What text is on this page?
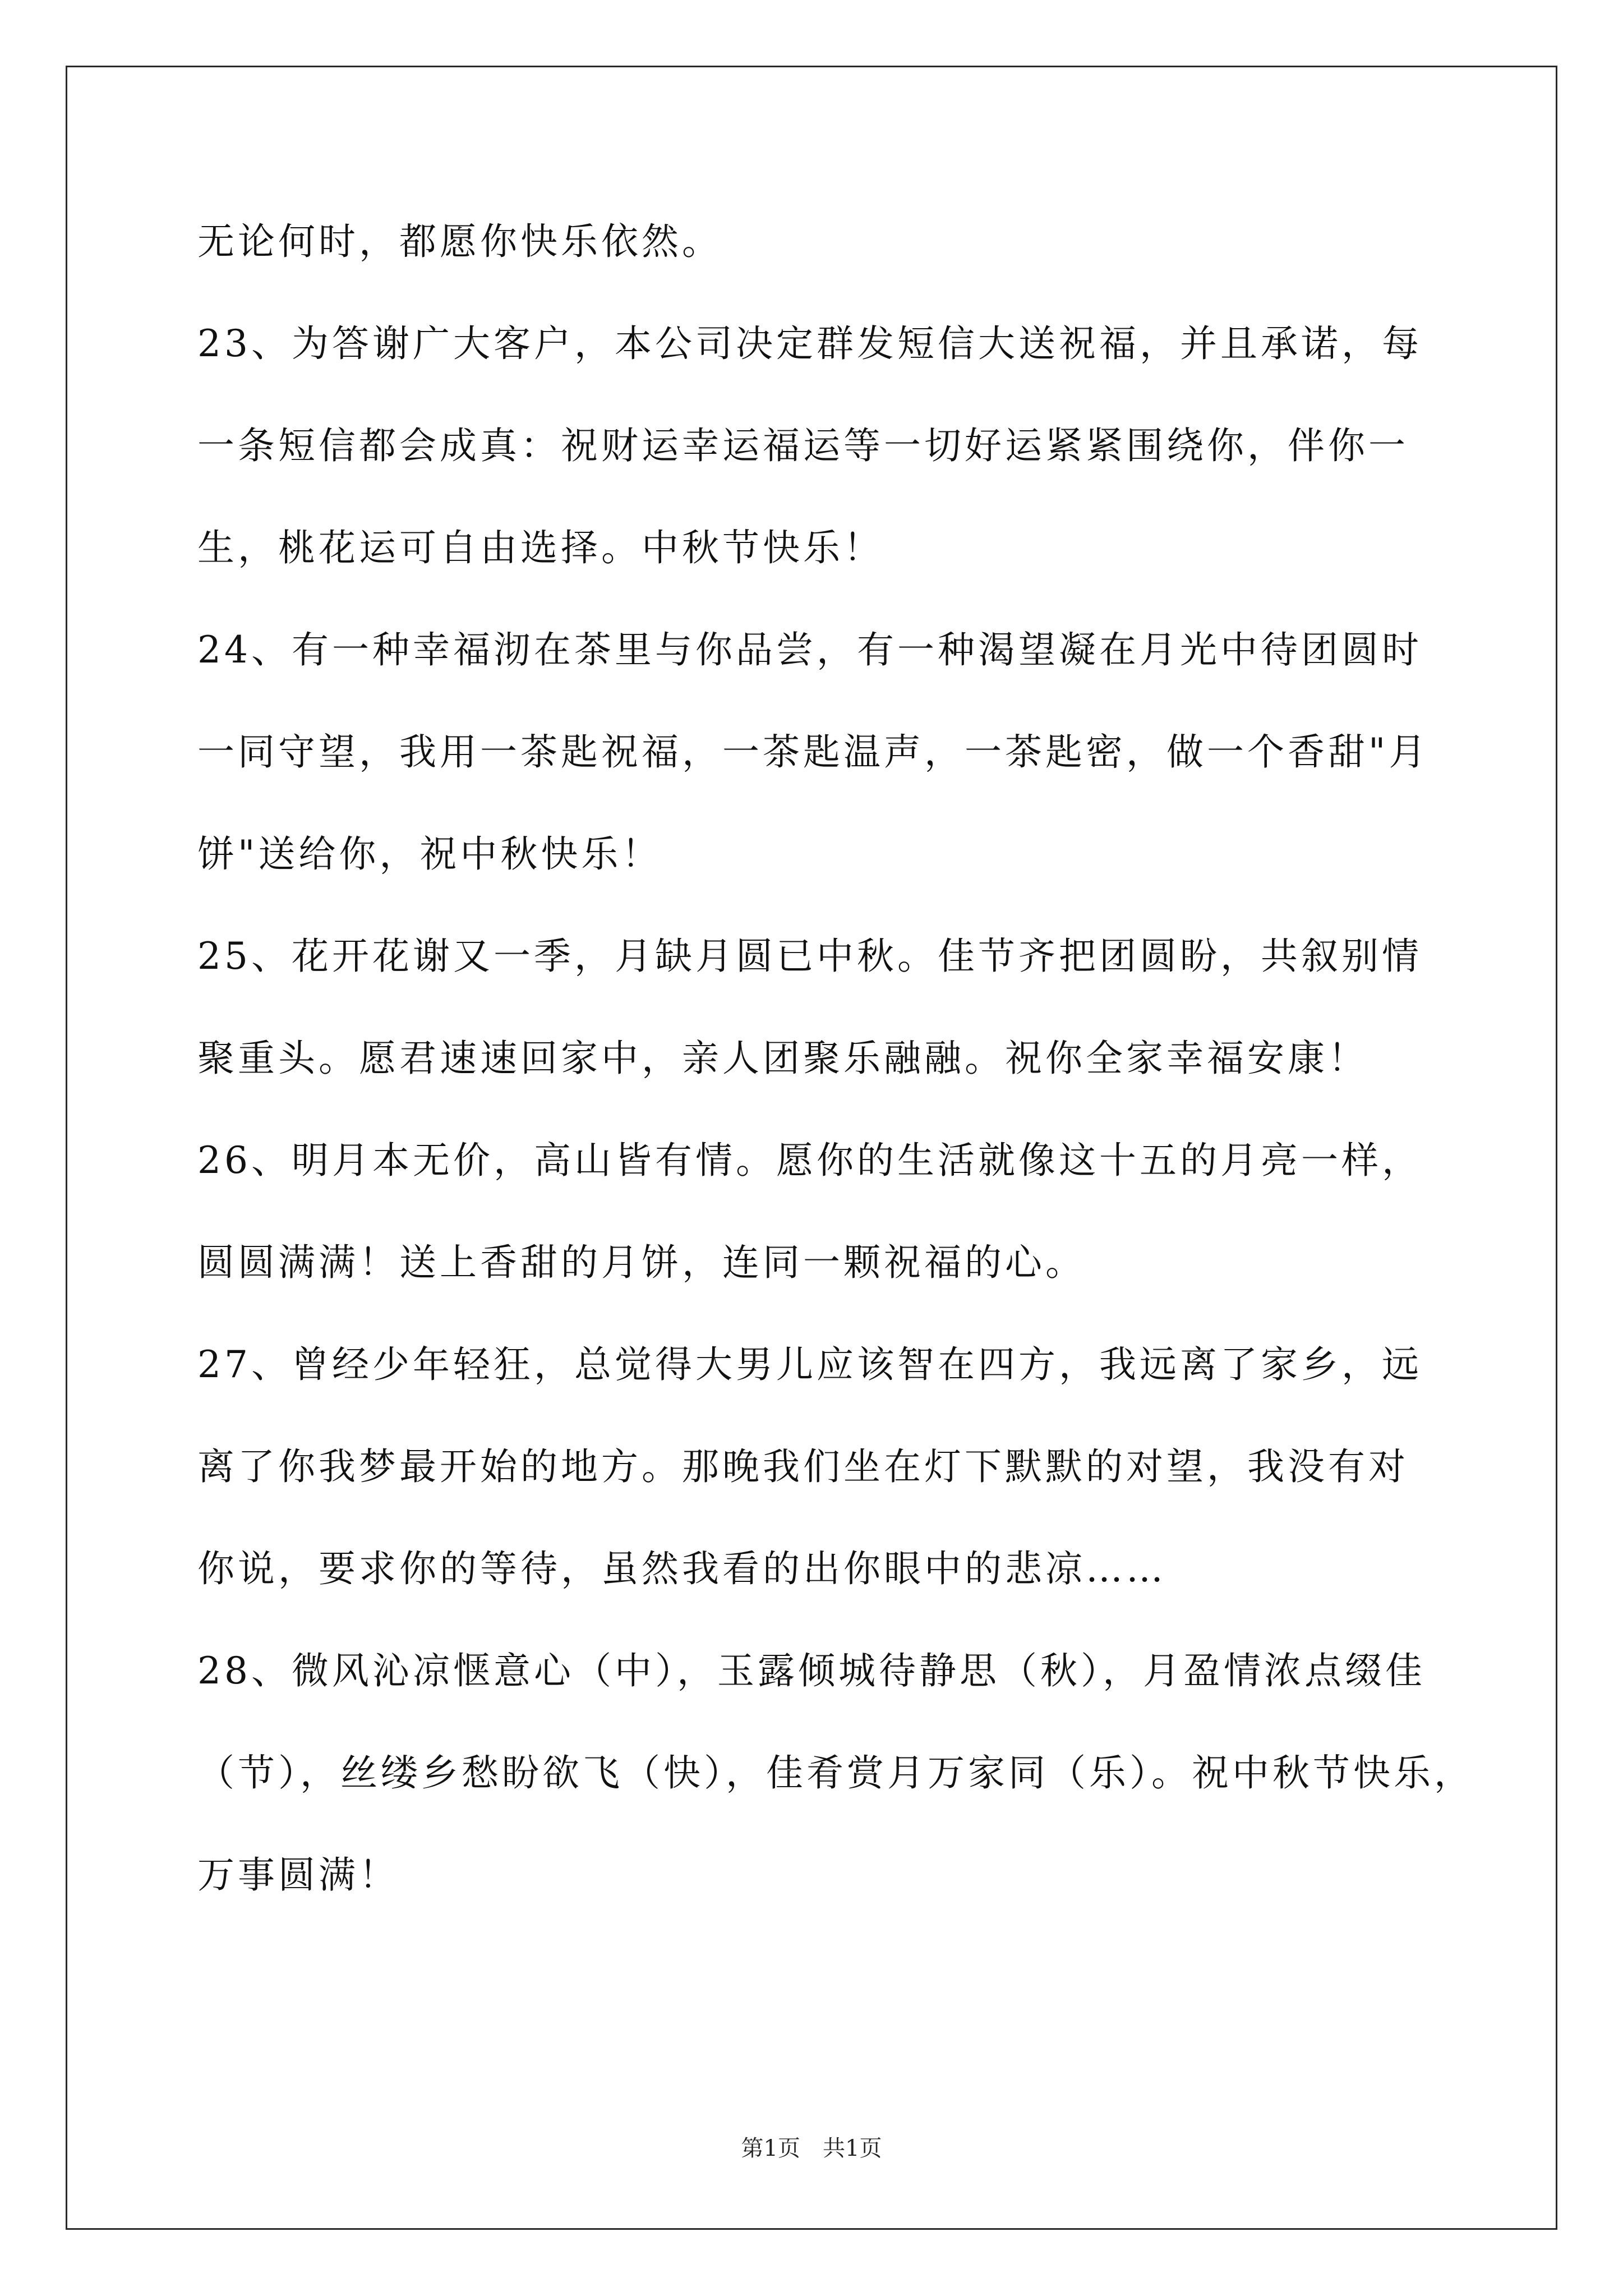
无论何时，都愿你快乐依然。
23、为答谢广大客户，本公司决定群发短信大送祝福，并且承诺，每
一条短信都会成真：祝财运幸运福运等一切好运紧紧围绕你，伴你一
生，桃花运可自由选择。中秋节快乐！
24、有一种幸福沏在茶里与你品尝，有一种渴望凝在月光中待团圆时
一同守望，我用一茶匙祝福，一茶匙温声，一茶匙密，做一个香甜"月
饼"送给你，祝中秋快乐！
25、花开花谢又一季，月缺月圆已中秋。佳节齐把团圆盼，共叙别情
聚重头。愿君速速回家中，亲人团聚乐融融。祝你全家幸福安康！
26、明月本无价，高山皆有情。愿你的生活就像这十五的月亮一样，
圆圆满满！送上香甜的月饼，连同一颗祝福的心。
27、曾经少年轻狂，总觉得大男儿应该智在四方，我远离了家乡，远
离了你我梦最开始的地方。那晚我们坐在灯下默默的对望，我没有对
你说，要求你的等待，虽然我看的出你眼中的悲凉……
28、微风沁凉惬意心（中），玉露倾城待静思（秋），月盈情浓点缀佳
（节），丝缕乡愁盼欲飞（快），佳肴赏月万家同（乐）。祝中秋节快乐，
万事圆满！
第1页　共1页
